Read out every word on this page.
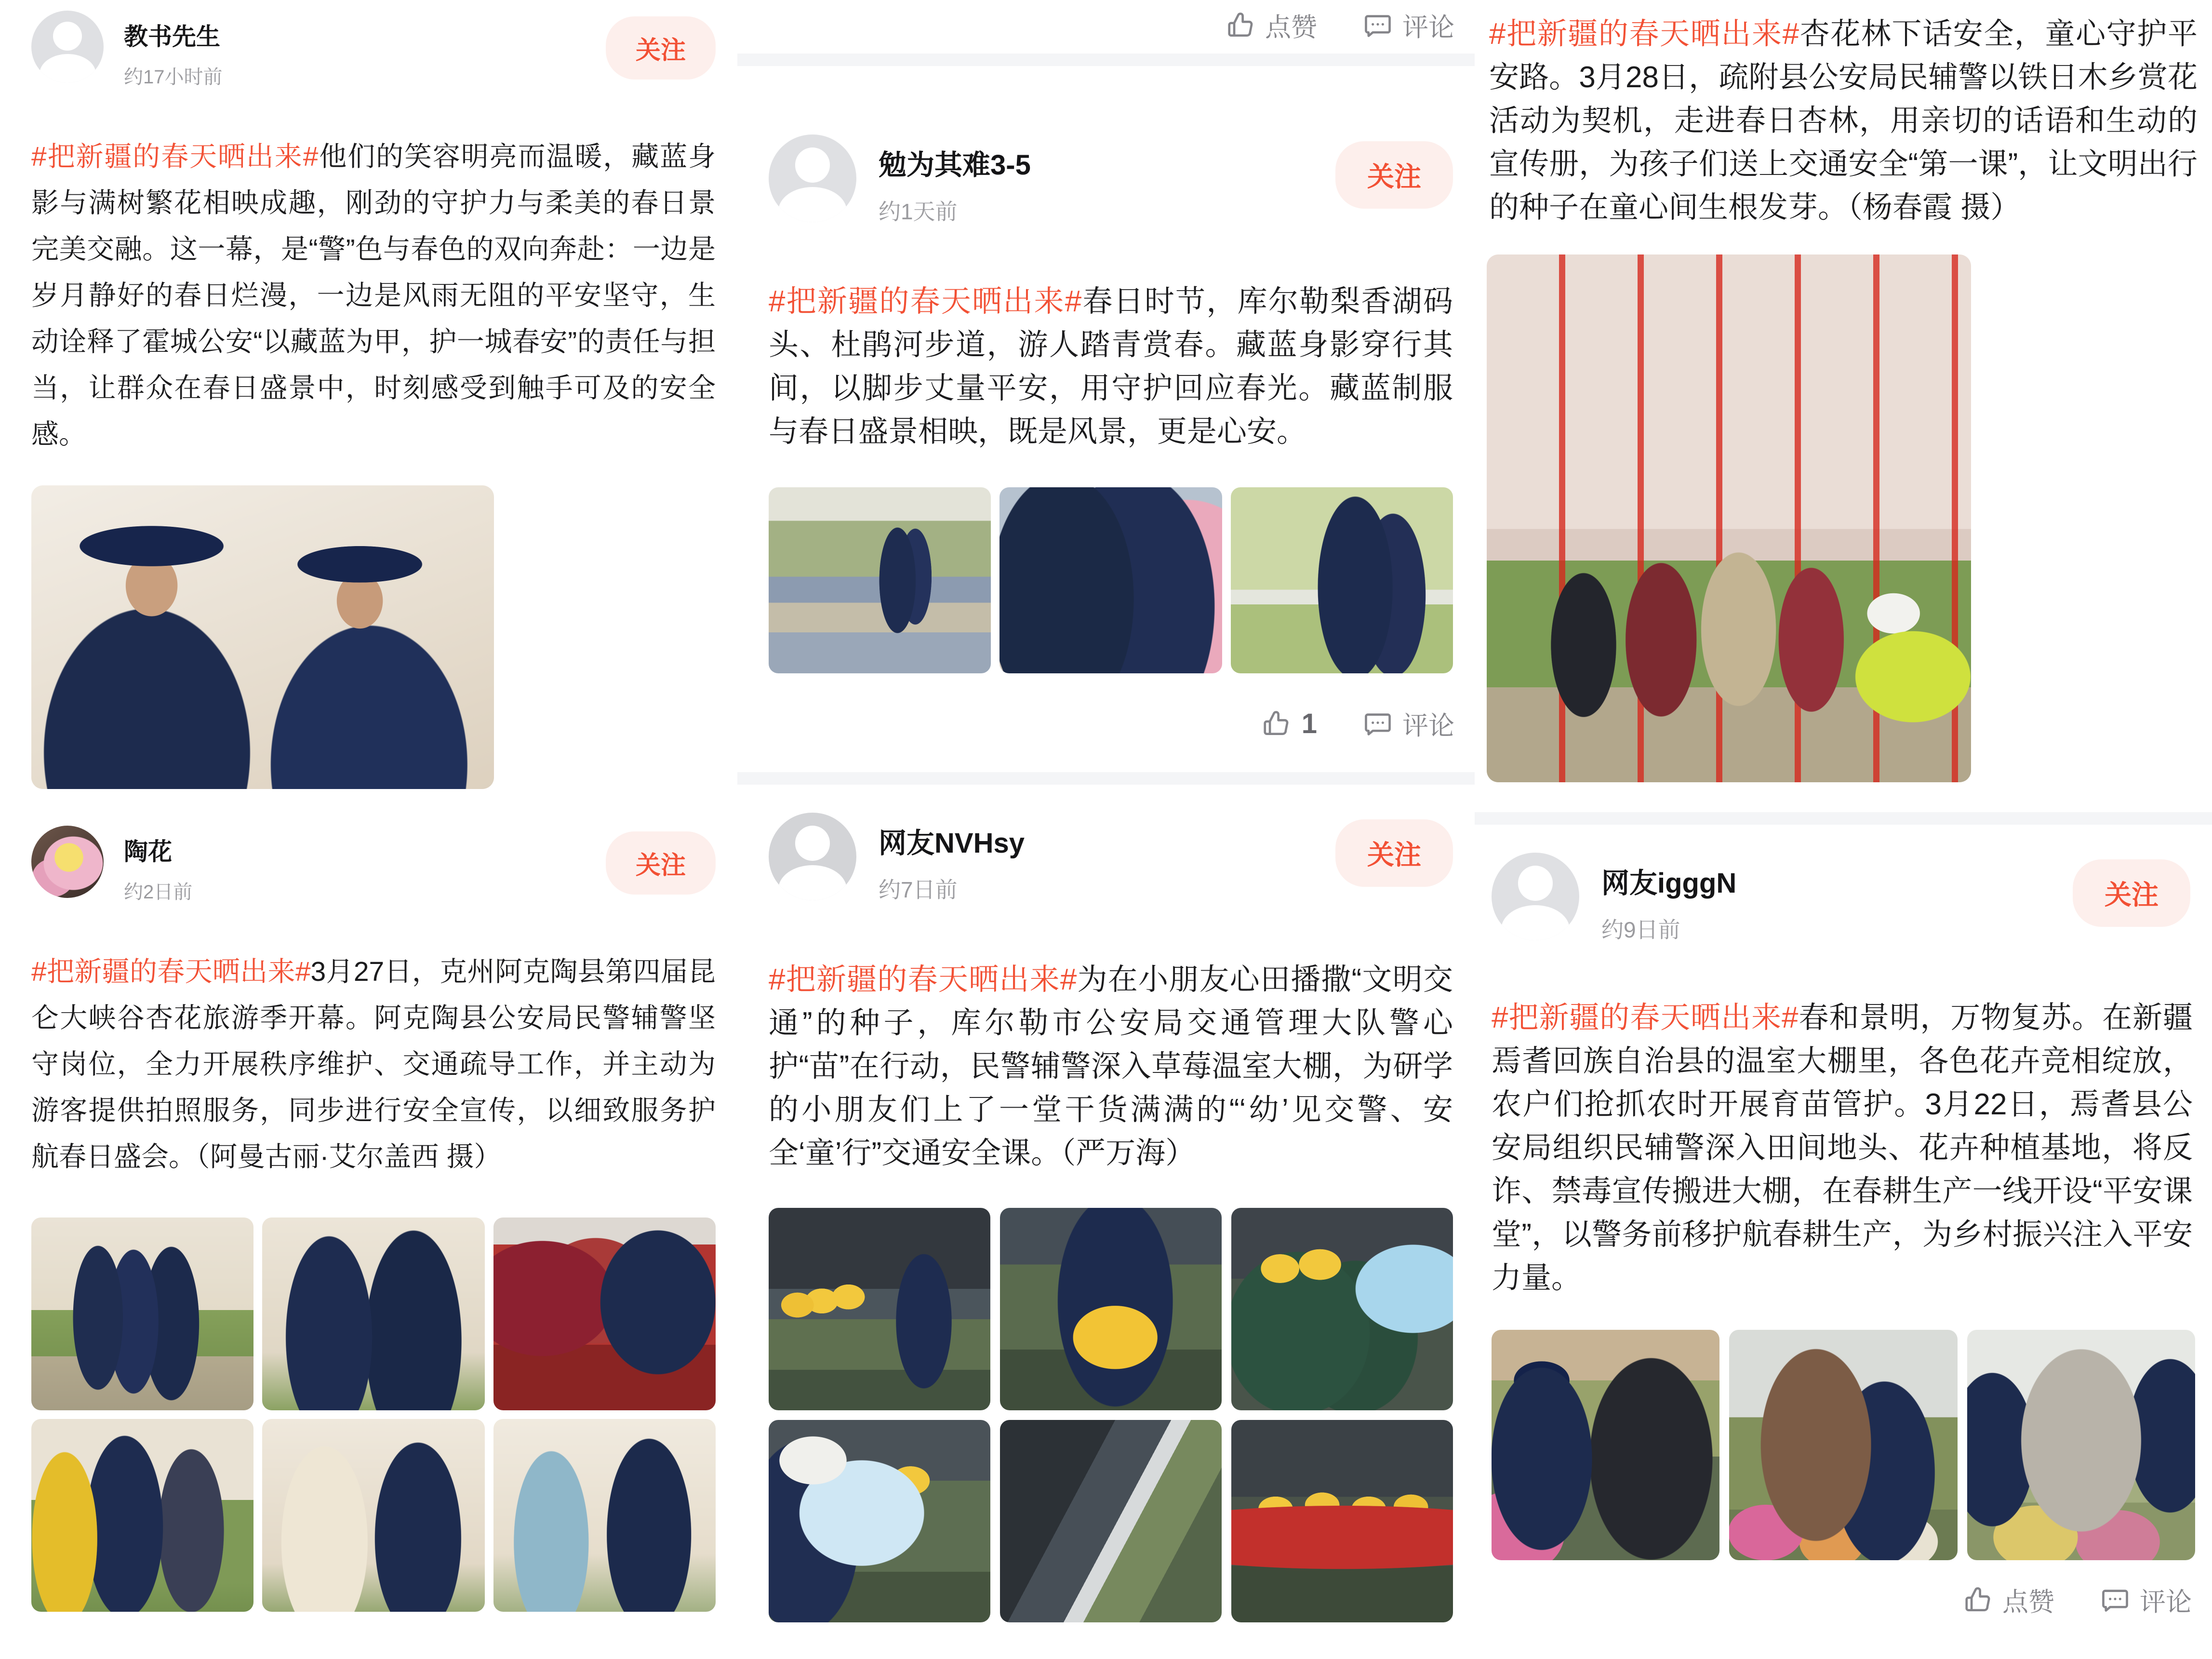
教书先生
约17小时前
关注

#把新疆的春天晒出来#他们的笑容明亮而温暖，藏蓝身影与满树繁花相映成趣，刚劲的守护力与柔美的春日景完美交融。这一幕，是“警”色与春色的双向奔赴：一边是岁月静好的春日烂漫，一边是风雨无阻的平安坚守，生动诠释了霍城公安“以藏蓝为甲，护一城春安”的责任与担当，让群众在春日盛景中，时刻感受到触手可及的安全感。

陶花
约2日前
关注

#把新疆的春天晒出来#3月27日，克州阿克陶县第四届昆仑大峡谷杏花旅游季开幕。阿克陶县公安局民警辅警坚守岗位，全力开展秩序维护、交通疏导工作，并主动为游客提供拍照服务，同步进行安全宣传，以细致服务护航春日盛会。（阿曼古丽·艾尔盖西 摄）

点赞	评论
勉为其难3-5
约1天前
关注

#把新疆的春天晒出来#春日时节，库尔勒梨香湖码头、杜鹃河步道，游人踏青赏春。藏蓝身影穿行其间，以脚步丈量平安，用守护回应春光。藏蓝制服与春日盛景相映，既是风景，更是心安。

1	评论
网友NVHsy
约7日前
关注

#把新疆的春天晒出来#为在小朋友心田播撒“文明交通”的种子，库尔勒市公安局交通管理大队警心护“苗”在行动，民警辅警深入草莓温室大棚，为研学的小朋友们上了一堂干货满满的“‘幼’见交警、安全‘童’行”交通安全课。（严万海）

#把新疆的春天晒出来#杏花林下话安全，童心守护平安路。3月28日，疏附县公安局民辅警以铁日木乡赏花活动为契机，走进春日杏林，用亲切的话语和生动的宣传册，为孩子们送上交通安全“第一课”，让文明出行的种子在童心间生根发芽。（杨春霞 摄）

网友igggN
约9日前
关注

#把新疆的春天晒出来#春和景明，万物复苏。在新疆焉耆回族自治县的温室大棚里，各色花卉竞相绽放，农户们抢抓农时开展育苗管护。3月22日，焉耆县公安局组织民辅警深入田间地头、花卉种植基地，将反诈、禁毒宣传搬进大棚，在春耕生产一线开设“平安课堂”，以警务前移护航春耕生产，为乡村振兴注入平安力量。

点赞	评论
